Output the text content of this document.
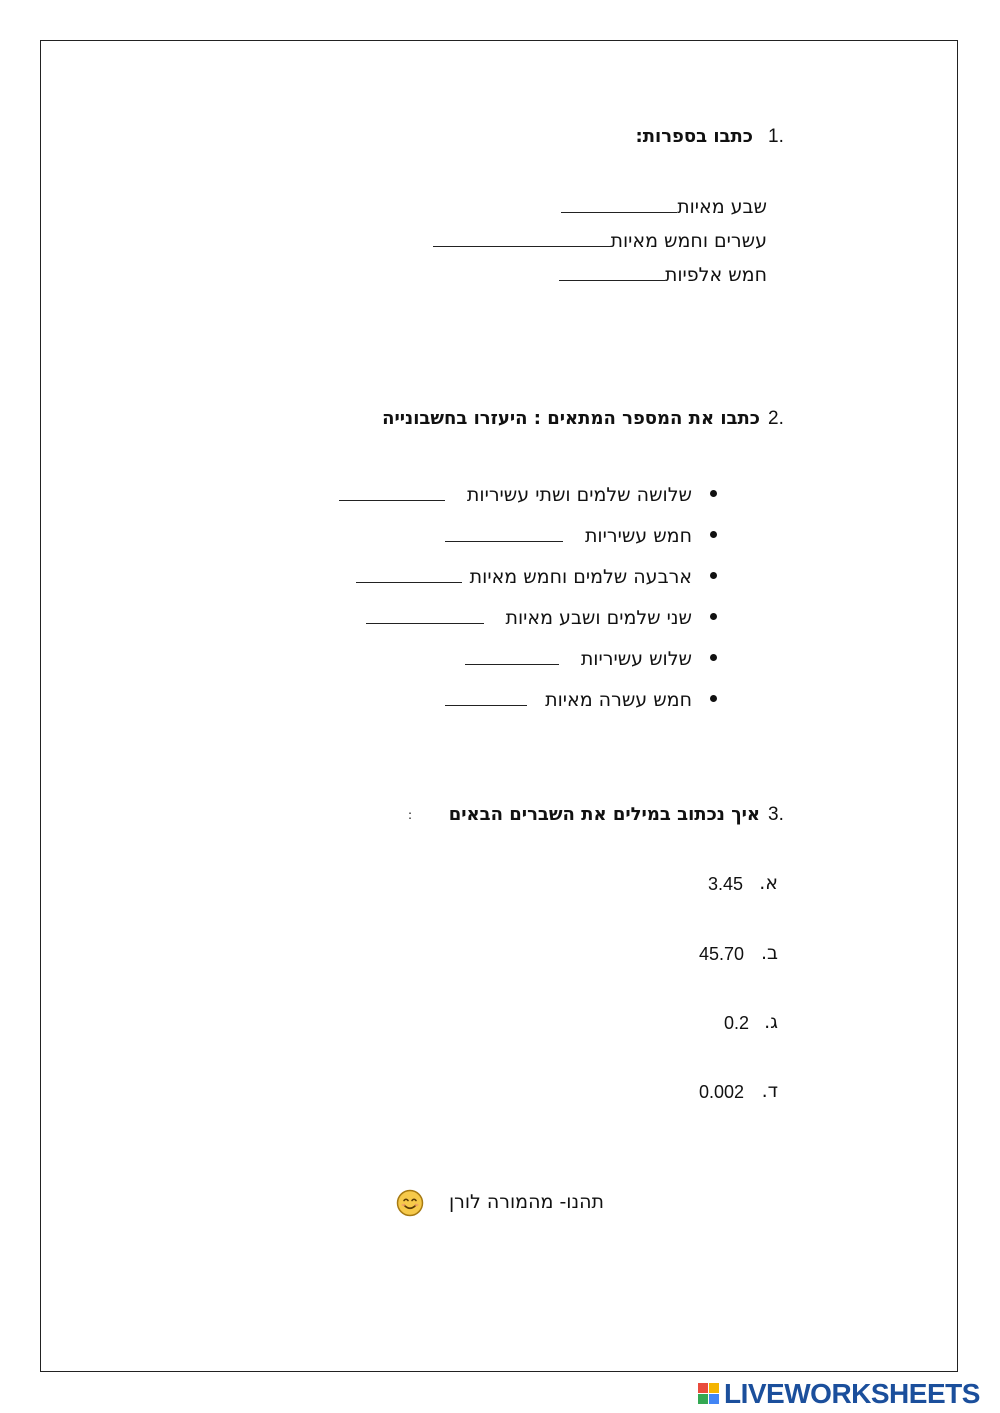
1.
כתבו בספרות:
שבע מאיות
עשרים וחמש מאיות
חמש אלפיות
2.
כתבו את המספר המתאים : היעזרו בחשבונייה
שלושה שלמים ושתי עשיריות
חמש עשיריות
ארבעה שלמים וחמש מאיות
שני שלמים ושבע מאיות
שלוש עשיריות
חמש עשרה מאיות
3.
איך נכתוב במילים את השברים הבאים
:
א.
3.45
ב.
45.70
ג.
0.2
ד.
0.002
תהנו- מהמורה לורן
LIVEWORKSHEETS
